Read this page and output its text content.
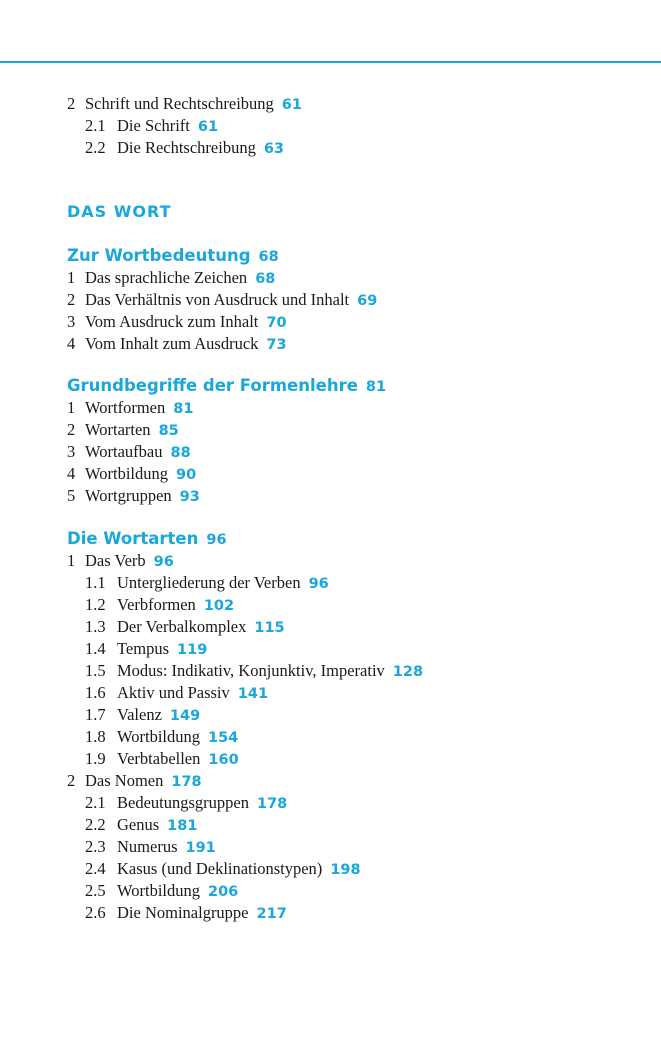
2 Schrift und Rechtschreibung 61
2.1 Die Schrift 61
2.2 Die Rechtschreibung 63
DAS WORT
Zur Wortbedeutung 68
1 Das sprachliche Zeichen 68
2 Das Verhältnis von Ausdruck und Inhalt 69
3 Vom Ausdruck zum Inhalt 70
4 Vom Inhalt zum Ausdruck 73
Grundbegriffe der Formenlehre 81
1 Wortformen 81
2 Wortarten 85
3 Wortaufbau 88
4 Wortbildung 90
5 Wortgruppen 93
Die Wortarten 96
1 Das Verb 96
1.1 Untergliederung der Verben 96
1.2 Verbformen 102
1.3 Der Verbalkomplex 115
1.4 Tempus 119
1.5 Modus: Indikativ, Konjunktiv, Imperativ 128
1.6 Aktiv und Passiv 141
1.7 Valenz 149
1.8 Wortbildung 154
1.9 Verbtabellen 160
2 Das Nomen 178
2.1 Bedeutungsgruppen 178
2.2 Genus 181
2.3 Numerus 191
2.4 Kasus (und Deklinationstypen) 198
2.5 Wortbildung 206
2.6 Die Nominalgruppe 217
